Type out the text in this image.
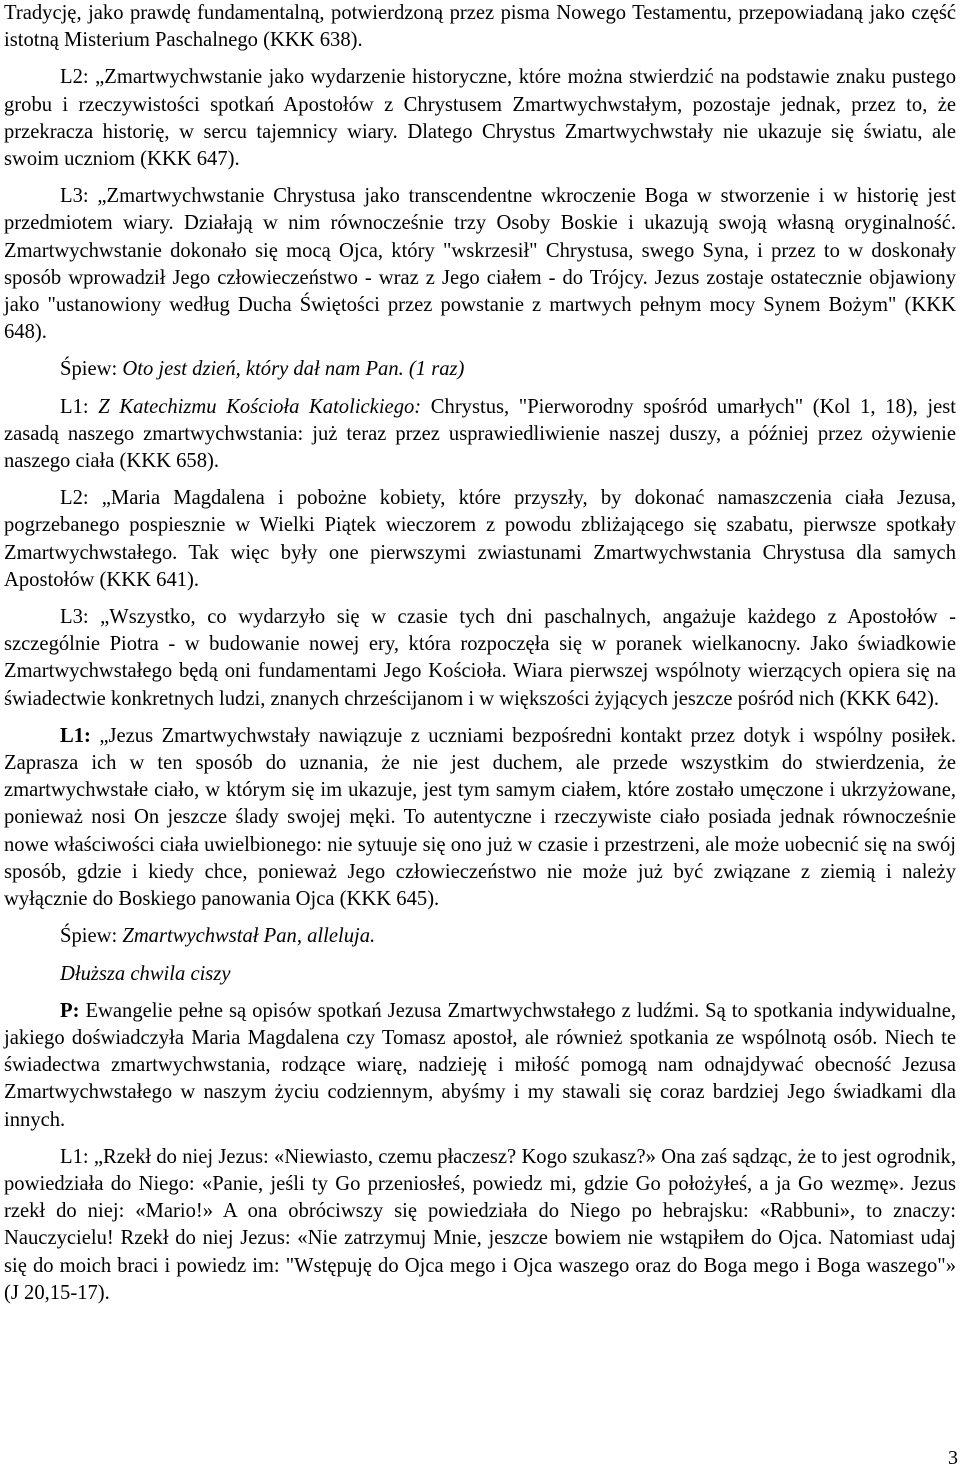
Tradycję, jako prawdę fundamentalną, potwierdzoną przez pisma Nowego Testamentu, przepowiadaną jako część istotną Misterium Paschalnego (KKK 638).

L2: „Zmartwychwstanie jako wydarzenie historyczne, które można stwierdzić na podstawie znaku pustego grobu i rzeczywistości spotkań Apostołów z Chrystusem Zmartwychwstałym, pozostaje jednak, przez to, że przekracza historię, w sercu tajemnicy wiary. Dlatego Chrystus Zmartwychwstały nie ukazuje się światu, ale swoim uczniom (KKK 647).

L3: „Zmartwychwstanie Chrystusa jako transcendentne wkroczenie Boga w stworzenie i w historię jest przedmiotem wiary. Działają w nim równocześnie trzy Osoby Boskie i ukazują swoją własną oryginalność. Zmartwychwstanie dokonało się mocą Ojca, który "wskrzesił" Chrystusa, swego Syna, i przez to w doskonały sposób wprowadził Jego człowieczeństwo - wraz z Jego ciałem - do Trójcy. Jezus zostaje ostatecznie objawiony jako "ustanowiony według Ducha Świętości przez powstanie z martwych pełnym mocy Synem Bożym" (KKK 648).

Śpiew: Oto jest dzień, który dał nam Pan. (1 raz)

L1: Z Katechizmu Kościoła Katolickiego: Chrystus, "Pierworodny spośród umarłych" (Kol 1, 18), jest zasadą naszego zmartwychwstania: już teraz przez usprawiedliwienie naszej duszy, a później przez ożywienie naszego ciała (KKK 658).

L2: „Maria Magdalena i pobożne kobiety, które przyszły, by dokonać namaszczenia ciała Jezusa, pogrzebanego pospiesznie w Wielki Piątek wieczorem z powodu zbliżającego się szabatu, pierwsze spotkały Zmartwychwstałego. Tak więc były one pierwszymi zwiastunami Zmartwychwstania Chrystusa dla samych Apostołów (KKK 641).

L3: „Wszystko, co wydarzyło się w czasie tych dni paschalnych, angażuje każdego z Apostołów - szczególnie Piotra - w budowanie nowej ery, która rozpoczęła się w poranek wielkanocny. Jako świadkowie Zmartwychwstałego będą oni fundamentami Jego Kościoła. Wiara pierwszej wspólnoty wierzących opiera się na świadectwie konkretnych ludzi, znanych chrześcijanom i w większości żyjących jeszcze pośród nich (KKK 642).

L1: „Jezus Zmartwychwstały nawiązuje z uczniami bezpośredni kontakt przez dotyk i wspólny posiłek. Zaprasza ich w ten sposób do uznania, że nie jest duchem, ale przede wszystkim do stwierdzenia, że zmartwychwstałe ciało, w którym się im ukazuje, jest tym samym ciałem, które zostało umęczone i ukrzyżowane, ponieważ nosi On jeszcze ślady swojej męki. To autentyczne i rzeczywiste ciało posiada jednak równocześnie nowe właściwości ciała uwielbionego: nie sytuuje się ono już w czasie i przestrzeni, ale może uobecnić się na swój sposób, gdzie i kiedy chce, ponieważ Jego człowieczeństwo nie może już być związane z ziemią i należy wyłącznie do Boskiego panowania Ojca (KKK 645).

Śpiew: Zmartwychwstał Pan, alleluja.

Dłuższa chwila ciszy

P: Ewangelie pełne są opisów spotkań Jezusa Zmartwychwstałego z ludźmi. Są to spotkania indywidualne, jakiego doświadczyła Maria Magdalena czy Tomasz apostoł, ale również spotkania ze wspólnotą osób. Niech te świadectwa zmartwychwstania, rodzące wiarę, nadzieję i miłość pomogą nam odnajdywać obecność Jezusa Zmartwychwstałego w naszym życiu codziennym, abyśmy i my stawali się coraz bardziej Jego świadkami dla innych.

L1: „Rzekł do niej Jezus: «Niewiasto, czemu płaczesz? Kogo szukasz?» Ona zaś sądząc, że to jest ogrodnik, powiedziała do Niego: «Panie, jeśli ty Go przeniosłeś, powiedz mi, gdzie Go położyłeś, a ja Go wezmę». Jezus rzekł do niej: «Mario!» A ona obróciwszy się powiedziała do Niego po hebrajsku: «Rabbuni», to znaczy: Nauczycielu! Rzekł do niej Jezus: «Nie zatrzymuj Mnie, jeszcze bowiem nie wstąpiłem do Ojca. Natomiast udaj się do moich braci i powiedz im: "Wstępuję do Ojca mego i Ojca waszego oraz do Boga mego i Boga waszego"» (J 20,15-17).

3
